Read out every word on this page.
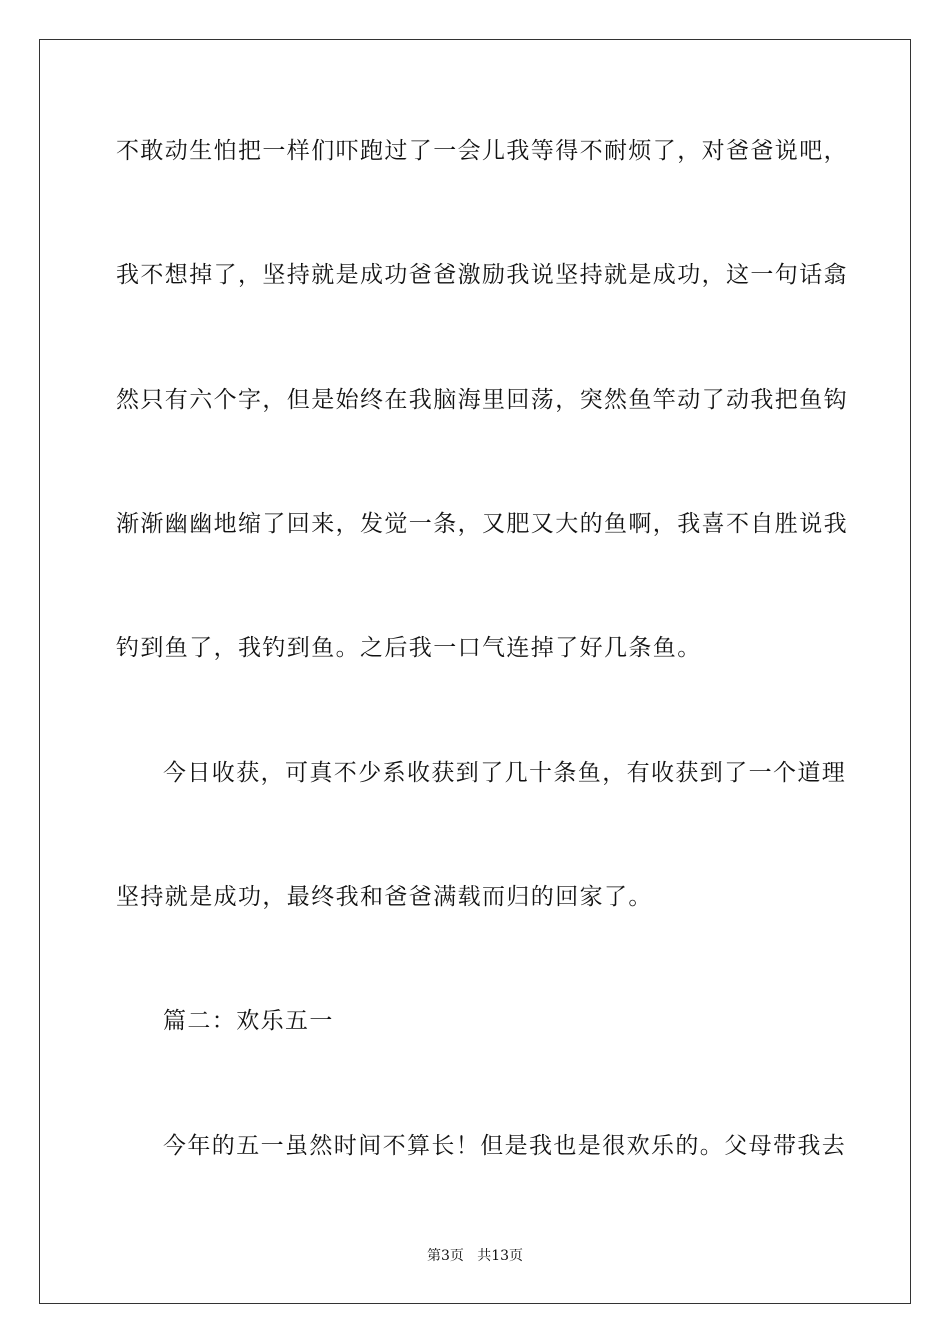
不敢动生怕把一样们吓跑过了一会儿我等得不耐烦了，对爸爸说吧，
我不想掉了，坚持就是成功爸爸激励我说坚持就是成功，这一句话翕
然只有六个字，但是始终在我脑海里回荡，突然鱼竿动了动我把鱼钩
渐渐幽幽地缩了回来，发觉一条，又肥又大的鱼啊，我喜不自胜说我
钓到鱼了，我钓到鱼。之后我一口气连掉了好几条鱼。
今日收获，可真不少系收获到了几十条鱼，有收获到了一个道理
坚持就是成功，最终我和爸爸满载而归的回家了。
篇二：欢乐五一
今年的五一虽然时间不算长！但是我也是很欢乐的。父母带我去
第3页   共13页
